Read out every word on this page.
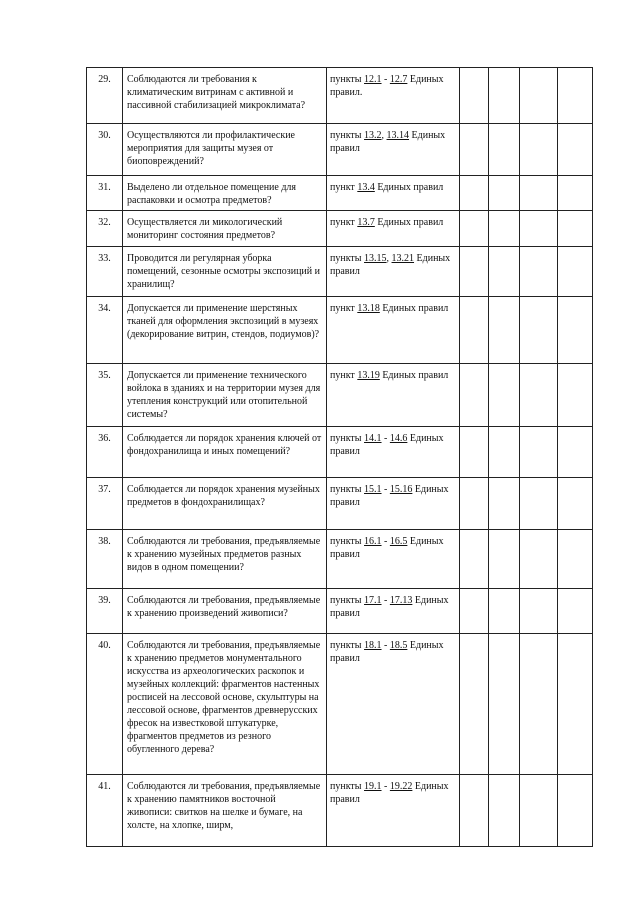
29.	Соблюдаются ли требования к климатическим витринам с активной и пассивной стабилизацией микроклимата?	пункты 12.1 - 12.7 Единых правил.				
30.	Осуществляются ли профилактические мероприятия для защиты музея от биоповреждений?	пункты 13.2, 13.14 Единых правил				
31.	Выделено ли отдельное помещение для распаковки и осмотра предметов?	пункт 13.4 Единых правил				
32.	Осуществляется ли микологический мониторинг состояния предметов?	пункт 13.7 Единых правил				
33.	Проводится ли регулярная уборка помещений, сезонные осмотры экспозиций и хранилищ?	пункты 13.15, 13.21 Единых правил				
34.	Допускается ли применение шерстяных тканей для оформления экспозиций в музеях (декорирование витрин, стендов, подиумов)?	пункт 13.18 Единых правил				
35.	Допускается ли применение технического войлока в зданиях и на территории музея для утепления конструкций или отопительной системы?	пункт 13.19 Единых правил				
36.	Соблюдается ли порядок хранения ключей от фондохранилища и иных помещений?	пункты 14.1 - 14.6 Единых правил				
37.	Соблюдается ли порядок хранения музейных предметов в фондохранилищах?	пункты 15.1 - 15.16 Единых правил				
38.	Соблюдаются ли требования, предъявляемые к хранению музейных предметов разных видов в одном помещении?	пункты 16.1 - 16.5 Единых правил				
39.	Соблюдаются ли требования, предъявляемые к хранению произведений живописи?	пункты 17.1 - 17.13 Единых правил				
40.	Соблюдаются ли требования, предъявляемые к хранению предметов монументального искусства из археологических раскопок и музейных коллекций: фрагментов настенных росписей на лессовой основе, скульптуры на лессовой основе, фрагментов древнерусских фресок на известковой штукатурке, фрагментов предметов из резного обугленного дерева?	пункты 18.1 - 18.5 Единых правил				
41.	Соблюдаются ли требования, предъявляемые к хранению памятников восточной живописи: свитков на шелке и бумаге, на холсте, на хлопке, ширм,	пункты 19.1 - 19.22 Единых правил				
